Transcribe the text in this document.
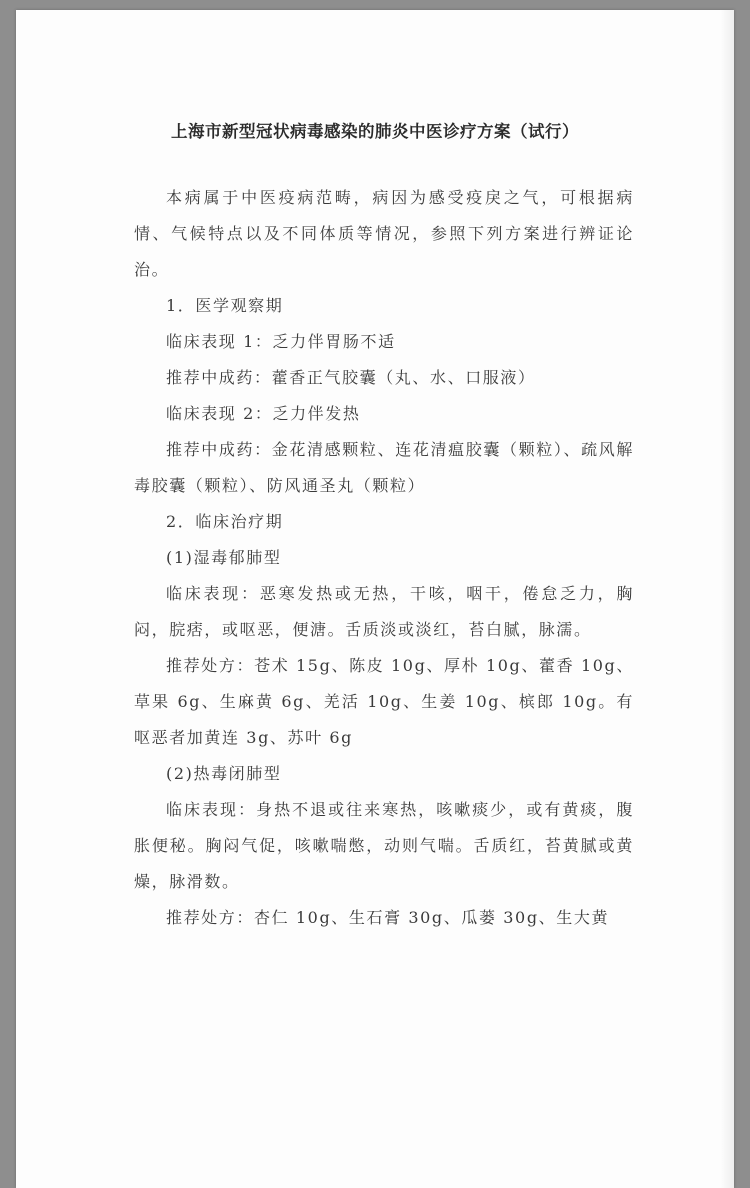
上海市新型冠状病毒感染的肺炎中医诊疗方案（试行）

本病属于中医疫病范畴，病因为感受疫戾之气，可根据病情、气候特点以及不同体质等情况，参照下列方案进行辨证论治。

1．医学观察期

临床表现 1：乏力伴胃肠不适

推荐中成药：藿香正气胶囊（丸、水、口服液）

临床表现 2：乏力伴发热

推荐中成药：金花清感颗粒、连花清瘟胶囊（颗粒）、疏风解毒胶囊（颗粒）、防风通圣丸（颗粒）

2．临床治疗期

(1)湿毒郁肺型

临床表现：恶寒发热或无热，干咳，咽干，倦怠乏力，胸闷，脘痞，或呕恶，便溏。舌质淡或淡红，苔白腻，脉濡。

推荐处方：苍术 15g、陈皮 10g、厚朴 10g、藿香 10g、草果 6g、生麻黄 6g、羌活 10g、生姜 10g、槟郎 10g。有呕恶者加黄连 3g、苏叶 6g

(2)热毒闭肺型

临床表现：身热不退或往来寒热，咳嗽痰少，或有黄痰，腹胀便秘。胸闷气促，咳嗽喘憋，动则气喘。舌质红，苔黄腻或黄燥，脉滑数。

推荐处方：杏仁 10g、生石膏 30g、瓜蒌 30g、生大黄
